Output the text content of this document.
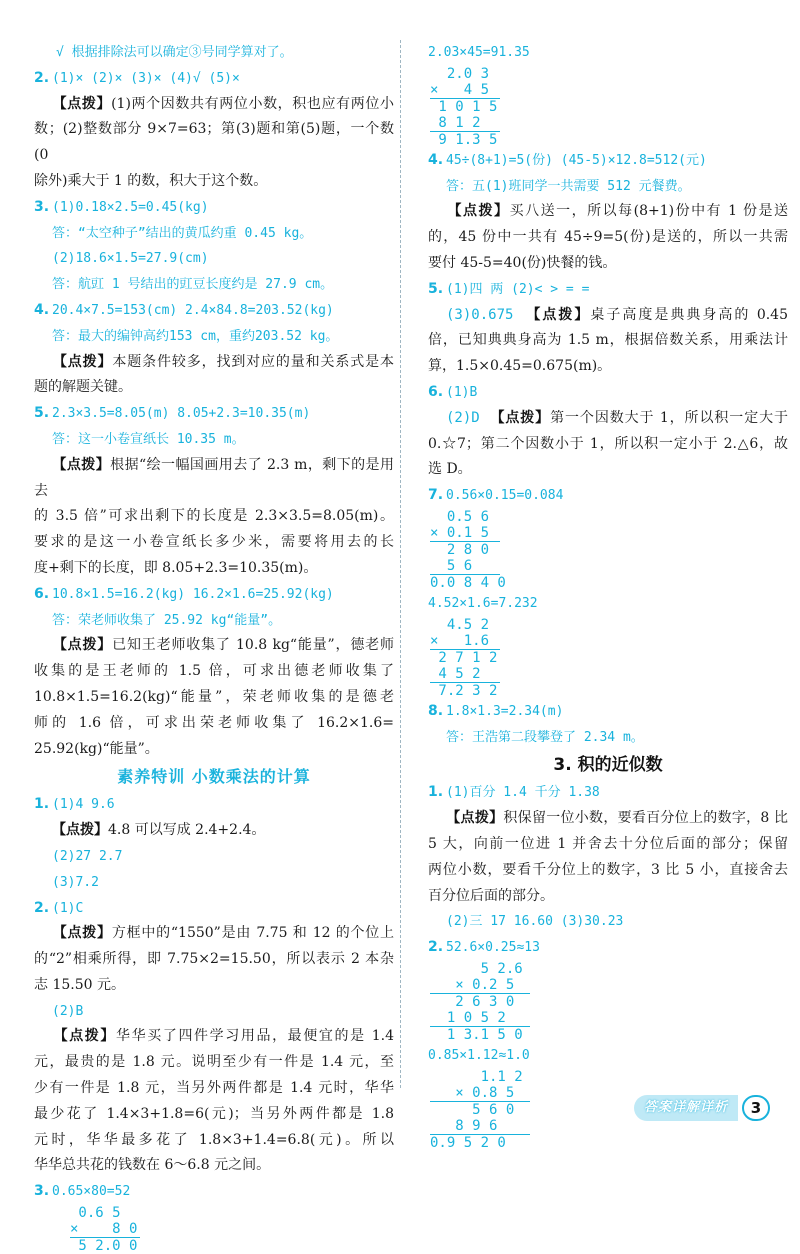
√ 根据排除法可以确定③号同学算对了。
2. (1)× (2)× (3)× (4)√ (5)×
【点拨】(1)两个因数共有两位小数，积也应有两位小
数；(2)整数部分 9×7=63；第(3)题和第(5)题，一个数(0
除外)乘大于 1 的数，积大于这个数。
3. (1)0.18×2.5=0.45(kg)
答：“太空种子”结出的黄瓜约重 0.45 kg。
(2)18.6×1.5=27.9(cm)
答：航豇 1 号结出的豇豆长度约是 27.9 cm。
4. 20.4×7.5=153(cm) 2.4×84.8=203.52(kg)
答：最大的编钟高约153 cm，重约203.52 kg。
【点拨】本题条件较多，找到对应的量和关系式是本
题的解题关键。
5. 2.3×3.5=8.05(m) 8.05+2.3=10.35(m)
答：这一小卷宣纸长 10.35 m。
【点拨】根据“绘一幅国画用去了 2.3 m，剩下的是用去
的 3.5 倍”可求出剩下的长度是 2.3×3.5=8.05(m)。
要求的是这一小卷宣纸长多少米，需要将用去的长
度+剩下的长度，即 8.05+2.3=10.35(m)。
6. 10.8×1.5=16.2(kg) 16.2×1.6=25.92(kg)
答：荣老师收集了 25.92 kg“能量”。
【点拨】已知王老师收集了 10.8 kg“能量”，德老师
收集的是王老师的 1.5 倍，可求出德老师收集了
10.8×1.5=16.2(kg)“能量”，荣老师收集的是德老
师的 1.6 倍，可求出荣老师收集了 16.2×1.6=
25.92(kg)“能量”。
素养特训 小数乘法的计算
1. (1)4 9.6
【点拨】4.8 可以写成 2.4+2.4。
(2)27 2.7
(3)7.2
2. (1)C
【点拨】方框中的“1550”是由 7.75 和 12 的个位上
的“2”相乘所得，即 7.75×2=15.50，所以表示 2 本杂
志 15.50 元。
(2)B
【点拨】华华买了四件学习用品，最便宜的是 1.4
元，最贵的是 1.8 元。说明至少有一件是 1.4 元，至
少有一件是 1.8 元，当另外两件都是 1.4 元时，华华
最少花了 1.4×3+1.8=6(元)；当另外两件都是 1.8
元时，华华最多花了 1.8×3+1.4=6.8(元)。所以
华华总共花的钱数在 6～6.8 元之间。
3. 0.65×80=52
0.6 5
×    8 0
5 2.0 0
2.03×45=91.35
2.0 3
×   4 5
1 0 1 5
8 1 2
9 1.3 5
4. 45÷(8+1)=5(份) (45-5)×12.8=512(元)
答：五(1)班同学一共需要 512 元餐费。
【点拨】买八送一，所以每(8+1)份中有 1 份是送
的，45 份中一共有 45÷9=5(份)是送的，所以一共需
要付 45-5=40(份)快餐的钱。
5. (1)四 两 (2)< > = =
(3)0.675 【点拨】桌子高度是典典身高的 0.45
倍，已知典典身高为 1.5 m，根据倍数关系，用乘法计
算，1.5×0.45=0.675(m)。
6. (1)B
(2)D 【点拨】第一个因数大于 1，所以积一定大于
0.☆7；第二个因数小于 1，所以积一定小于 2.△6，故
选 D。
7. 0.56×0.15=0.084
0.5 6
× 0.1 5
2 8 0
5 6
0.0 8 4 0
4.52×1.6=7.232
4.5 2
×   1.6
2 7 1 2
4 5 2
7.2 3 2
8. 1.8×1.3=2.34(m)
答：王浩第二段攀登了 2.34 m。
3. 积的近似数
1. (1)百分 1.4 千分 1.38
【点拨】积保留一位小数，要看百分位上的数字，8 比
5 大，向前一位进 1 并舍去十分位后面的部分；保留
两位小数，要看千分位上的数字，3 比 5 小，直接舍去
百分位后面的部分。
(2)三 17 16.60 (3)30.23
2. 52.6×0.25≈13
5 2.6
× 0.2 5
2 6 3 0
1 0 5 2
1 3.1 5 0
0.85×1.12≈1.0
1.1 2
× 0.8 5
5 6 0
8 9 6
0.9 5 2 0
答案详解详析	3
